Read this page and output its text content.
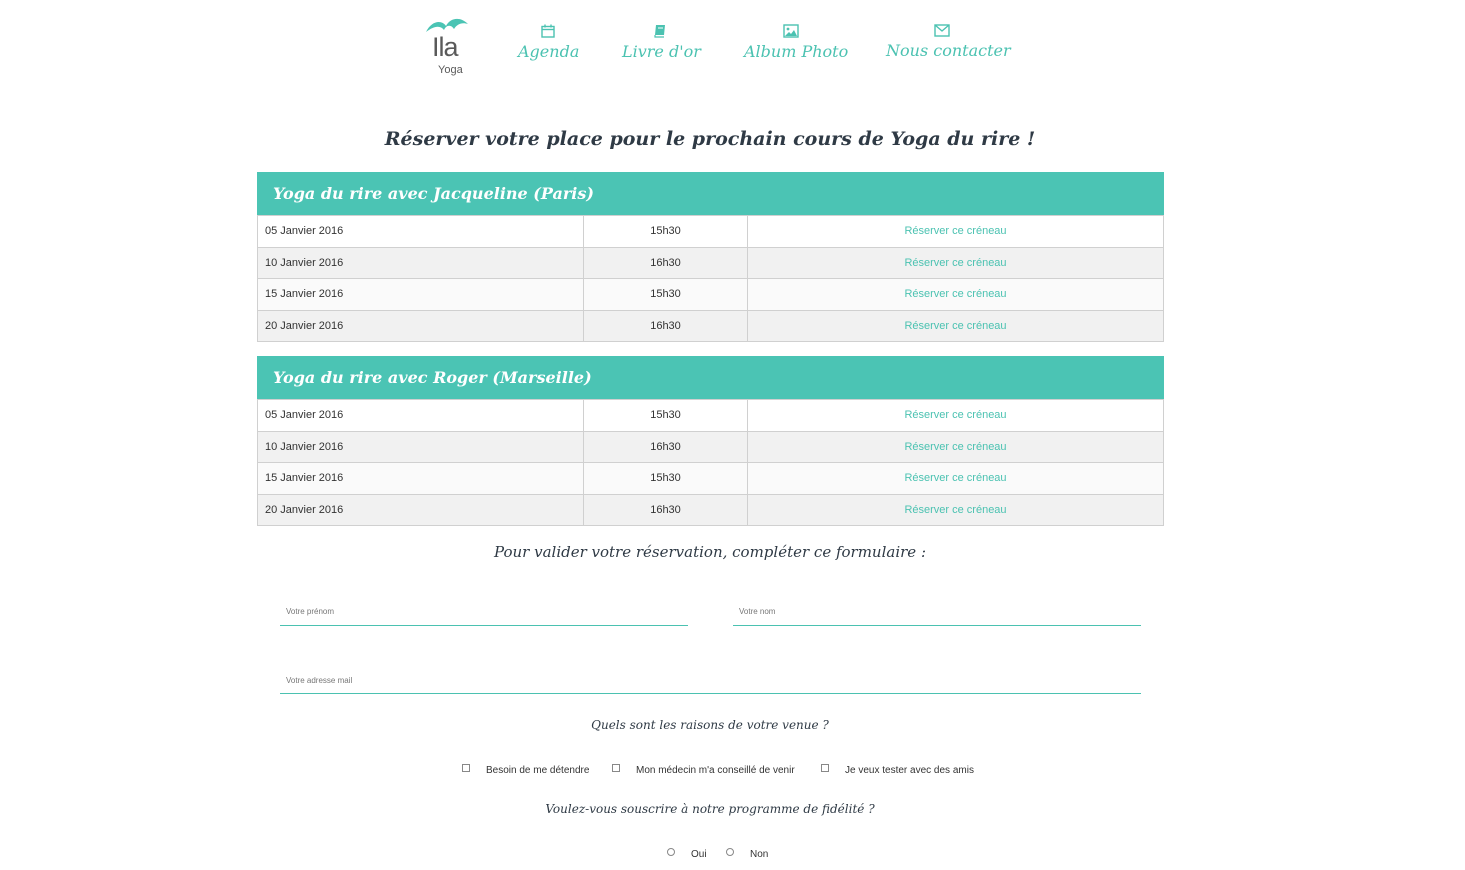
Ila
Yoga
Agenda	Livre d'or	Album Photo Nous contacter
Réserver votre place pour le prochain cours de Yoga du rire !
Yoga du rire avec Jacqueline (Paris)
05 Janvier 2016	15h30	Réserver ce créneau
10 Janvier 2016	16h30	Réserver ce créneau
15 Janvier 2016	15h30	Réserver ce créneau
20 Janvier 2016	16h30	Réserver ce créneau
Yoga du rire avec Roger (Marseille)
05 Janvier 2016	15h30	Réserver ce créneau
10 Janvier 2016	16h30	Réserver ce créneau
15 Janvier 2016	15h30	Réserver ce créneau
20 Janvier 2016	16h30	Réserver ce créneau
Pour valider votre réservation, compléter ce formulaire :
Votre prénom
Votre nom
Votre adresse mail
Quels sont les raisons de votre venue ?
Besoin de me détendre	Mon médecin m'a conseillé de venir	Je veux tester avec des amis
Voulez-vous souscrire à notre programme de fidélité ?
Oui	Non
